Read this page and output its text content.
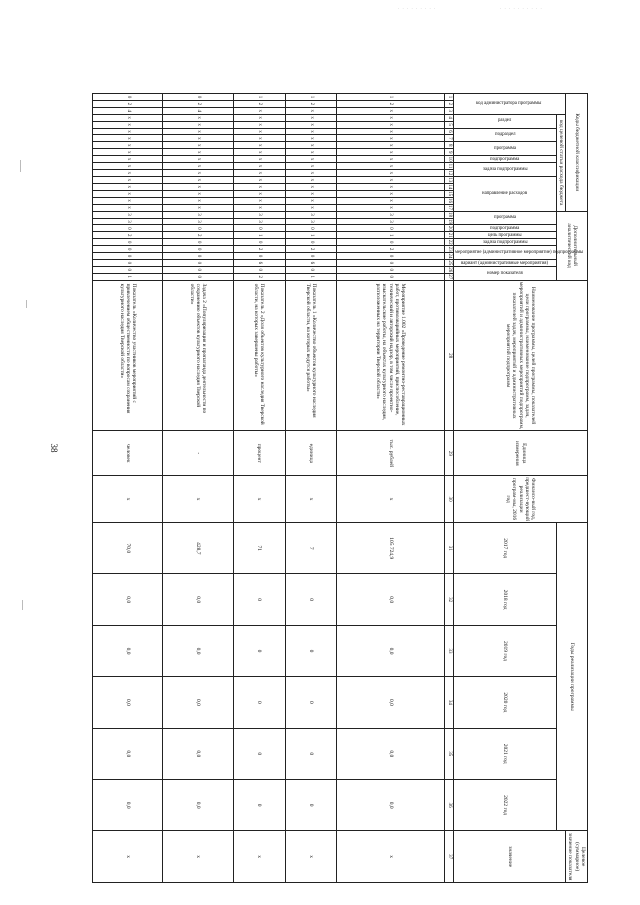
. . . . . . . . .	. . . . . . . . . .
38
Коды бюджетной классификации																	Дополнительный аналитический код										Наименование программы, целей программы, показателей цели программы, наименование подпрограмм, задач, мероприятий и административных мероприятий подпрограмм, показателей задач, мероприятий и административных мероприятий подпрограмм	Единица измерения	Финансо-вый год, предшест-вующий реализации програм-мы, 2016 год	Годы реализации программы						Целевое (суммарное) значение показателя

код администратора программы			код целевой статьи расхода бюджета																																	значение

			раздел		подраздел		программа		подпрограмма	задача подпрограммы		направление расходов					программа		подпрограмма	цель программы	задача подпрограммы	мероприятие (административное мероприятие) подпрограммы		вариант (административные мероприятия)	номер показателя					2017 год	2018 год	2019 год	2020 год	2021 год	2022 год	
1	2	3	4	5	6	7	8	9	10	11	12	13	14	15	16	17	18	19	20	21	22	23	24	25	26	27	28	29	30	31	32	33	34	35	36	37
1	2	x	x	x	x	x	x	x	x	x	x	x	x	x	x	x	3	3	0	1	0	2	0	0	0	0	Мероприятие 1.002 «Проведение ремонтно-реставрационных работ, противоаварийных мероприятий, приспособление, технический и авторский надзор, в том числе проектно-изыскательские работы, на объектах культурного наследия, расположенных на территории Тверской области»	тыс. рублей	x	105 724,9	0,0	0,0	0,0	0,0	0,0	x
1	2	x	x	x	x	x	x	x	x	x	x	x	x	x	x	x	3	3	0	1	0	2	0	6	0	1	Показатель 1 «Количество объектов культурного наследия Тверской области, на которых ведутся работы»	единица	x	7	0	0	0	0	0	x
1	2	x	x	x	x	x	x	x	x	x	x	x	x	x	x	x	3	3	0	1	0	2	0	6	0	2	Показатель 2 «Доля объектов культурного наследия Тверской области, на которых завершены работы»	процент	x	71	0	0	0	0	0	x
0	2	4	x	x	x	x	x	x	x	x	x	x	x	x	x	x	3	3	0	2	0	0	0	0	0	0	Задача 2 «Популяризация и пропаганда деятельности по сохранению объектов культурного наследия Тверской области»	-	x	428,7	0,0	0,0	0,0	0,0	0,0	x
0	2	4	x	x	x	x	x	x	x	x	x	x	x	x	x	x	3	3	0	2	0	0	0	0	0	1	Показатель «Количество участников мероприятий с привлечением общественности по вопросам сохранения культурного наследия Тверской области»	человек	x	70,0	0,0	0,0	0,0	0,0	0,0	x
